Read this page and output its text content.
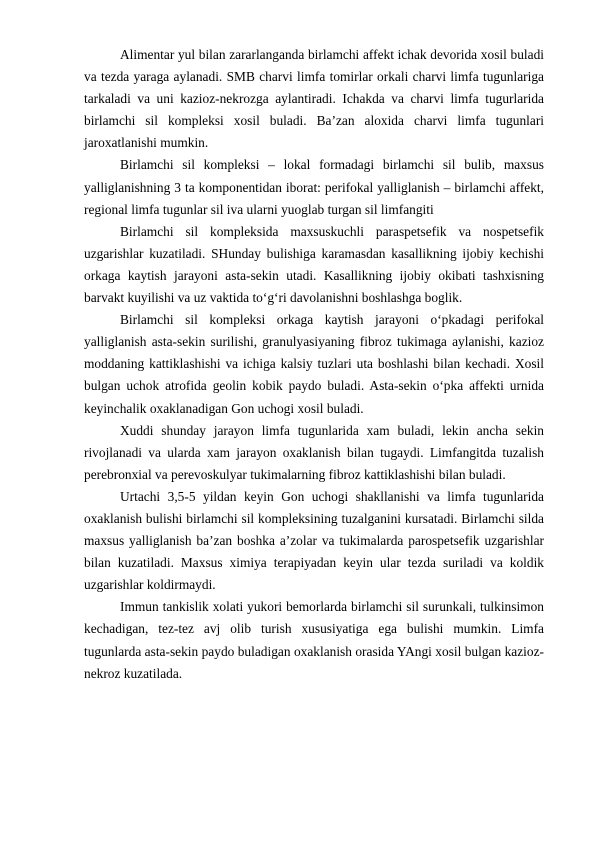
Alimentar yul bilan zararlanganda birlamchi affekt ichak devorida xosil buladi va tezda yaraga aylanadi. SMB charvi limfa tomirlar orkali charvi limfa tugunlariga tarkaladi va uni kazioz-nekrozga aylantiradi. Ichakda va charvi limfa tugurlarida birlamchi sil kompleksi xosil buladi. Ba’zan aloxida charvi limfa tugunlari jaroxatlanishi mumkin.

Birlamchi sil kompleksi – lokal formadagi birlamchi sil bulib, maxsus yalliglanishning 3 ta komponentidan iborat: perifokal yalliglanish – birlamchi affekt, regional limfa tugunlar sil iva ularni yuoglab turgan sil limfangiti

Birlamchi sil kompleksida maxsuskuchli paraspetsefik va nospetsefik uzgarishlar kuzatiladi. SHunday bulishiga karamasdan kasallikning ijobiy kechishi orkaga kaytish jarayoni asta-sekin utadi. Kasallikning ijobiy okibati tashxisning barvakt kuyilishi va uz vaktida to‘g‘ri davolanishni boshlashga boglik.

Birlamchi sil kompleksi orkaga kaytish jarayoni o‘pkadagi perifokal yalliglanish asta-sekin surilishi, granulyasiyaning fibroz tukimaga aylanishi, kazioz moddaning kattiklashishi va ichiga kalsiy tuzlari uta boshlashi bilan kechadi. Xosil bulgan uchok atrofida geolin kobik paydo buladi. Asta-sekin o‘pka affekti urnida keyinchalik oxaklanadigan Gon uchogi xosil buladi.

Xuddi shunday jarayon limfa tugunlarida xam buladi, lekin ancha sekin rivojlanadi va ularda xam jarayon oxaklanish bilan tugaydi. Limfangitda tuzalish perebronxial va perevoskulyar tukimalarning fibroz kattiklashishi bilan buladi.

Urtachi 3,5-5 yildan keyin Gon uchogi shakllanishi va limfa tugunlarida oxaklanish bulishi birlamchi sil kompleksining tuzalganini kursatadi. Birlamchi silda maxsus yalliglanish ba’zan boshka a’zolar va tukimalarda parospetsefik uzgarishlar bilan kuzatiladi. Maxsus ximiya terapiyadan keyin ular tezda suriladi va koldik uzgarishlar koldirmaydi.

Immun tankislik xolati yukori bemorlarda birlamchi sil surunkali, tulkinsimon kechadigan, tez-tez avj olib turish xususiyatiga ega bulishi mumkin. Limfa tugunlarda asta-sekin paydo buladigan oxaklanish orasida YAngi xosil bulgan kazioz-nekroz kuzatilada.
